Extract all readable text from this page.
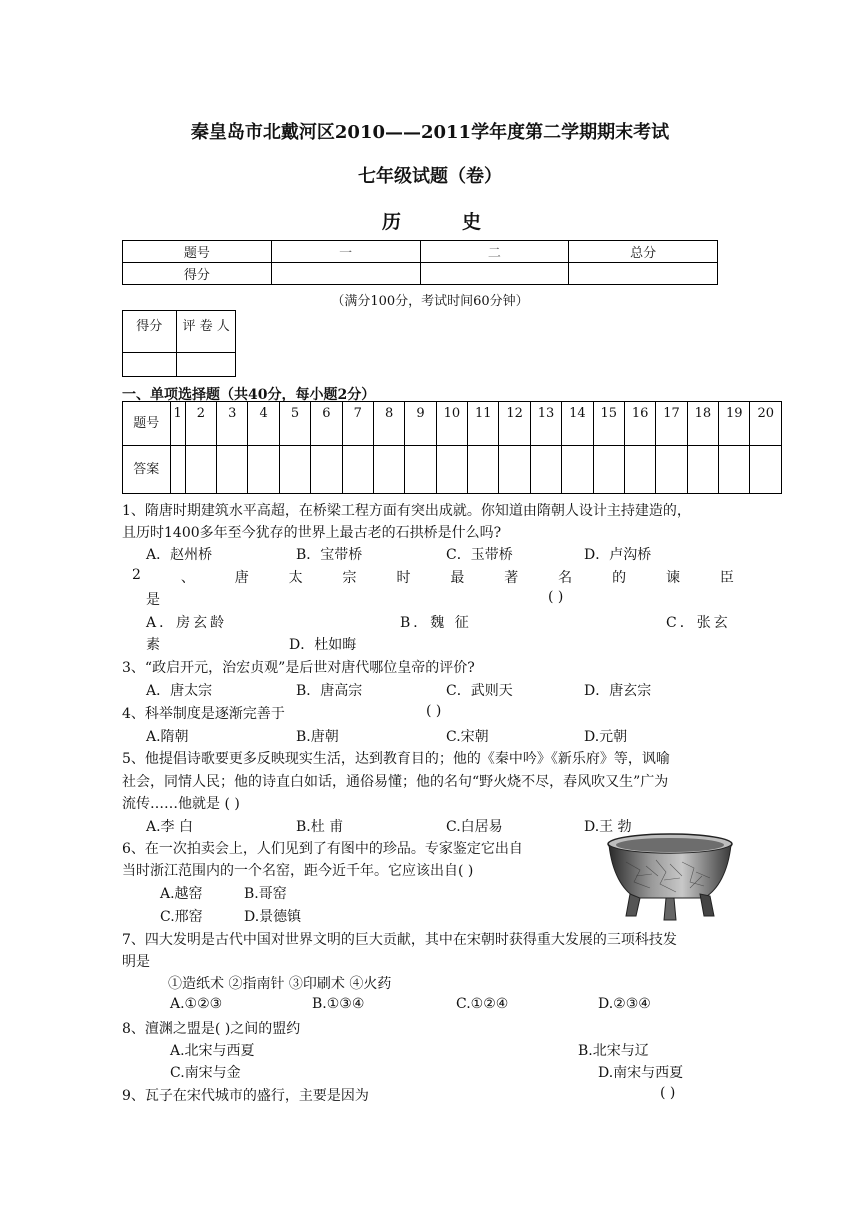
秦皇岛市北戴河区2010——2011学年度第二学期期末考试
七年级试题（卷）
历	史
题号	一	二	总分
得分			
（满分100分，考试时间60分钟）
得分	评 卷 人

一、单项选择题（共40分，每小题2分）
题号	1	2	3	4	5	6	7	8	9	10	11	12	13	14	15	16	17	18	19	20
答案																				
1、隋唐时期建筑水平高超，在桥梁工程方面有突出成就。你知道由隋朝人设计主持建造的，
且历时1400多年至今犹存的世界上最古老的石拱桥是什么吗?
A．赵州桥	B．宝带桥	C．玉带桥	D．卢沟桥
2	、	唐	太	宗	时	最	著	名	的	谏	臣
是	( )
A．房玄龄	B．魏 征	C．张玄
素	D．杜如晦
3、“政启开元，治宏贞观”是后世对唐代哪位皇帝的评价?
A．唐太宗	B．唐高宗	C．武则天	D．唐玄宗
4、科举制度是逐渐完善于	( )
A.隋朝	B.唐朝	C.宋朝	D.元朝
5、他提倡诗歌要更多反映现实生活，达到教育目的；他的《秦中吟》《新乐府》等，讽喻
社会，同情人民；他的诗直白如话，通俗易懂；他的名句“野火烧不尽，春风吹又生”广为
流传……他就是 ( )
A.李 白	B.杜 甫	C.白居易	D.王 勃
6、在一次拍卖会上，人们见到了有图中的珍品。专家鉴定它出自
当时浙江范围内的一个名窑，距今近千年。它应该出自( )
A.越窑	B.哥窑
C.邢窑	D.景德镇
7、四大发明是古代中国对世界文明的巨大贡献，其中在宋朝时获得重大发展的三项科技发
明是
①造纸术 ②指南针 ③印刷术 ④火药
A.①②③	B.①③④	C.①②④	D.②③④
8、澶渊之盟是( )之间的盟约
A.北宋与西夏	B.北宋与辽
C.南宋与金	D.南宋与西夏
9、瓦子在宋代城市的盛行，主要是因为	( )
